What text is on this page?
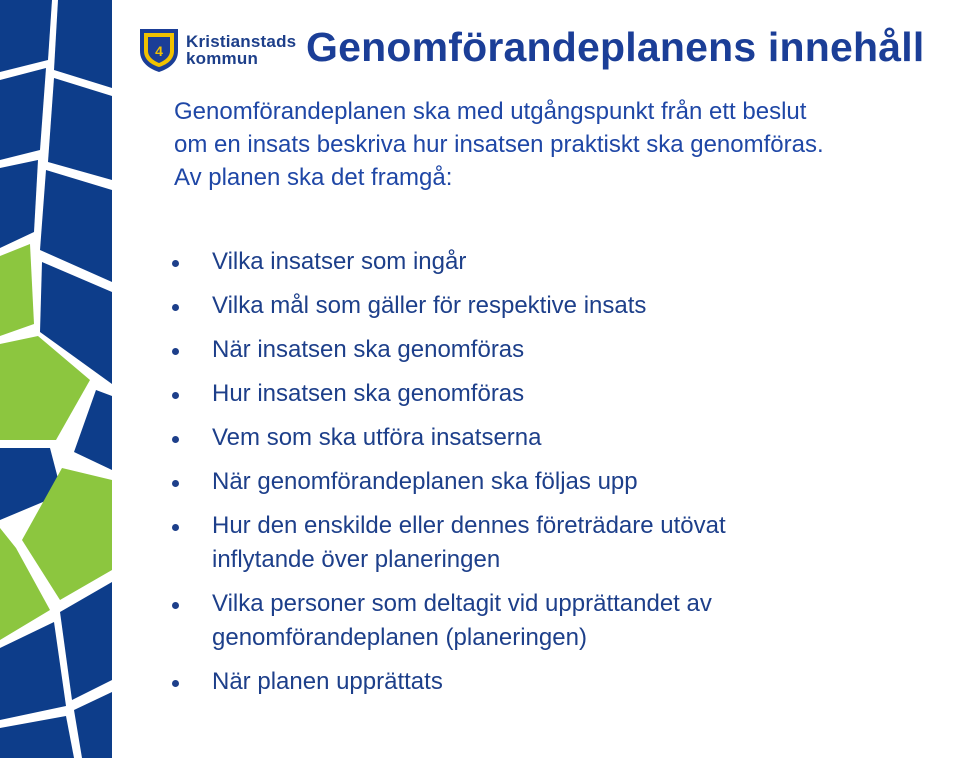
4 Kristianstads
kommun	Genomförandeplanens innehåll
Genomförandeplanen ska med utgångspunkt från ett beslut
om en insats beskriva hur insatsen praktiskt ska genomföras.
Av planen ska det framgå:
Vilka insatser som ingår
Vilka mål som gäller för respektive insats
När insatsen ska genomföras
Hur insatsen ska genomföras
Vem som ska utföra insatserna
När genomförandeplanen ska följas upp
Hur den enskilde eller dennes företrädare utövat
inflytande över planeringen
Vilka personer som deltagit vid upprättandet av
genomförandeplanen (planeringen)
När planen upprättats
